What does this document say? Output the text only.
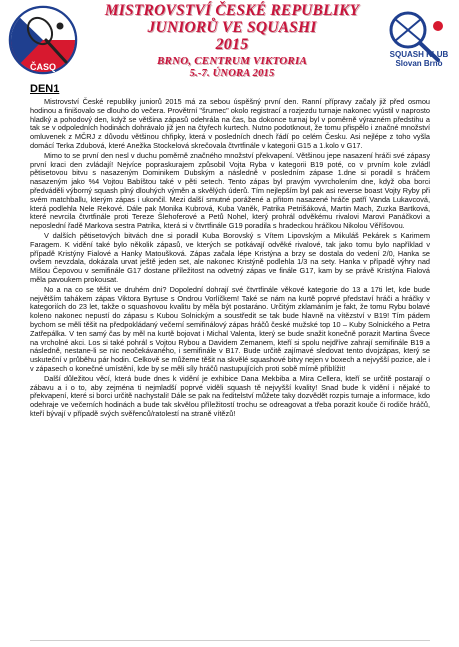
ČASQ
MISTROVSTVÍ ČESKÉ REPUBLIKY
JUNIORŮ VE SQUASHI
2015
BRNO, CENTRUM VIKTORIA
5.-7. ÚNORA 2015
SQUASH KLUB
Slovan Brno
DEN1

Mistrovství České republiky juniorů 2015 má za sebou úspěšný první den. Ranní přípravy začaly již před osmou hodinou a finišovalo se dlouho do večera. Provětrní "šrumec" okolo registrací a rozjezdu turnaje nakonec vyústil v naprosto hladký a pohodový den, když se většina zápasů odehrála na čas, ba dokonce turnaj byl v poměrně výrazném předstihu a tak se v odpoledních hodinách dohrávalo již jen na čtyřech kurtech. Nutno podotknout, že tomu přispělo i značné množství omluvenek z MČRJ z důvodu většinou chřipky, která v posledních dnech řádí po celém Česku. Asi nejlépe z toho vyšla domácí Terka Zdubová, které Anežka Stockelová skrečovala čtvrtfinále v kategorii G15 a 1.kolo v G17.

Mimo to se první den nesl v duchu poměrně značného množství překvapení. Většinou jepe nasazení hráči své zápasy první kraci den zvládají! Nejvíce popraskurajem způsobil Vojta Ryba v kategorii B19 poté, co v prvním kole zvládl pětisetovou bitvu s nasazeným Dominikem Dubským a následně v posledním zápase 1.dne si poradil s hráčem nasazeným jako %4 Vojtou Babíštou také v pěti setech. Tento zápas byl pravým vyvrcholením dne, když oba borci předváděli výborný squash plný dlouhých výměn a skvělých úderů. Tím nejlepším byl pak asi reverse boast Vojty Ryby při svém matchballu, kterým zápas i ukončil. Mezi další smutné porážené a přitom nasazené hráče patří Vanda Lukavcová, která podlehla Nele Rekové. Dále pak Monika Kubrová, Kuba Vaněk, Patrika Petrišáková, Martin Mach, Zuzka Bartková, které nevrcila čtvrtfinále proti Tereze Šlehoferové a Petů Nohel, který prohrál odvěkému rivalovi Marovi Panáčkovi a neposlední řadě Markova sestra Patrika, která si v čtvrtfinále G19 poradila s hradeckou hráčkou Nikolou Věříšovou.

V dalších pětisetových bitvách dne si poradil Kuba Borovský s Vítem Lipovským a Mikuláš Pekárek s Karimem Faragem. K vidění také bylo několik zápasů, ve kterých se potkávají odvěké rivalové, tak jako tomu bylo například v případě Kristýny Fialové a Hanky Matoušková. Zápas začala lépe Kristýna a brzy se dostala do vedení 2/0, Hanka se ovšem nevzdala, dokázala urvat ještě jeden set, ale nakonec Kristýně podlehla 1/3 na sety. Hanka v případě výhry nad Míšou Čepovou v semifinále G17 dostane příležitost na odvetný zápas ve finále G17, kam by se právě Kristýna Fialová měla pavoukem prokousat.

No a na co se těšit ve druhém dni? Dopolední dohrají své čtvrtfinále věkové kategorie do 13 a 17ti let, kde bude největším tahákem zápas Viktora Byrtuse s Ondrou Vorlíčkem! Také se nám na kurtě poprvé představí hráči a hráčky v kategoriích do 23 let, takže o squashovou kvalitu by měla být postaráno. Určitým zklamáním je fakt, že tomu Rybu bolavé koleno nakonec nepustí do zápasu s Kubou Solnickým a soustředit se tak bude hlavně na vítězství v B19! Tím pádem bychom se měli těšit na předpokládaný večerní semifinálový zápas hráčů české mužské top 10 – Kuby Solnického a Petra Zatřepálka. V ten samý čas by měl na kurtě bojovat i Michal Valenta, který se bude snažit konečně porazit Martina Švece na vrcholné akci. Los si také pohrál s Vojtou Rybou a Davidem Zemanem, kteří si spolu nejdříve zahrají semifinále B19 a následně, nestane-li se nic neočekávaného, i semifinále v B17. Bude určitě zajímavé sledovat tento dvojzápas, který se uskuteční v průběhu pár hodin. Celkově se můžeme těšit na skvělé squashové bitvy nejen v boxech a nejvyšší pozice, ale i v zápasech o konečné umístění, kde by se měli síly hráčů nastupujících proti sobě mírně přiblížit!

Další důležitou věcí, která bude dnes k vidění je exhibice Dana Mekbiba a Mira Cellera, kteří se určitě postarají o zábavu a i o to, aby zejména ti nejmladší poprvé viděli squash tě nejvyšší kvality! Snad bude k vidění i nějaké to překvapení, které si borci určitě nachystali! Dále se pak na ředitelství můžete taky dozvědět rozpis turnaje a informace, kdo odehraje ve večerních hodinách a bude tak skvělou příležitostí trochu se odreagovat a třeba porazit kouče či rodiče hráčů, kteří bývají v případě svých svěřenců/ratolestí na straně vítězů!
